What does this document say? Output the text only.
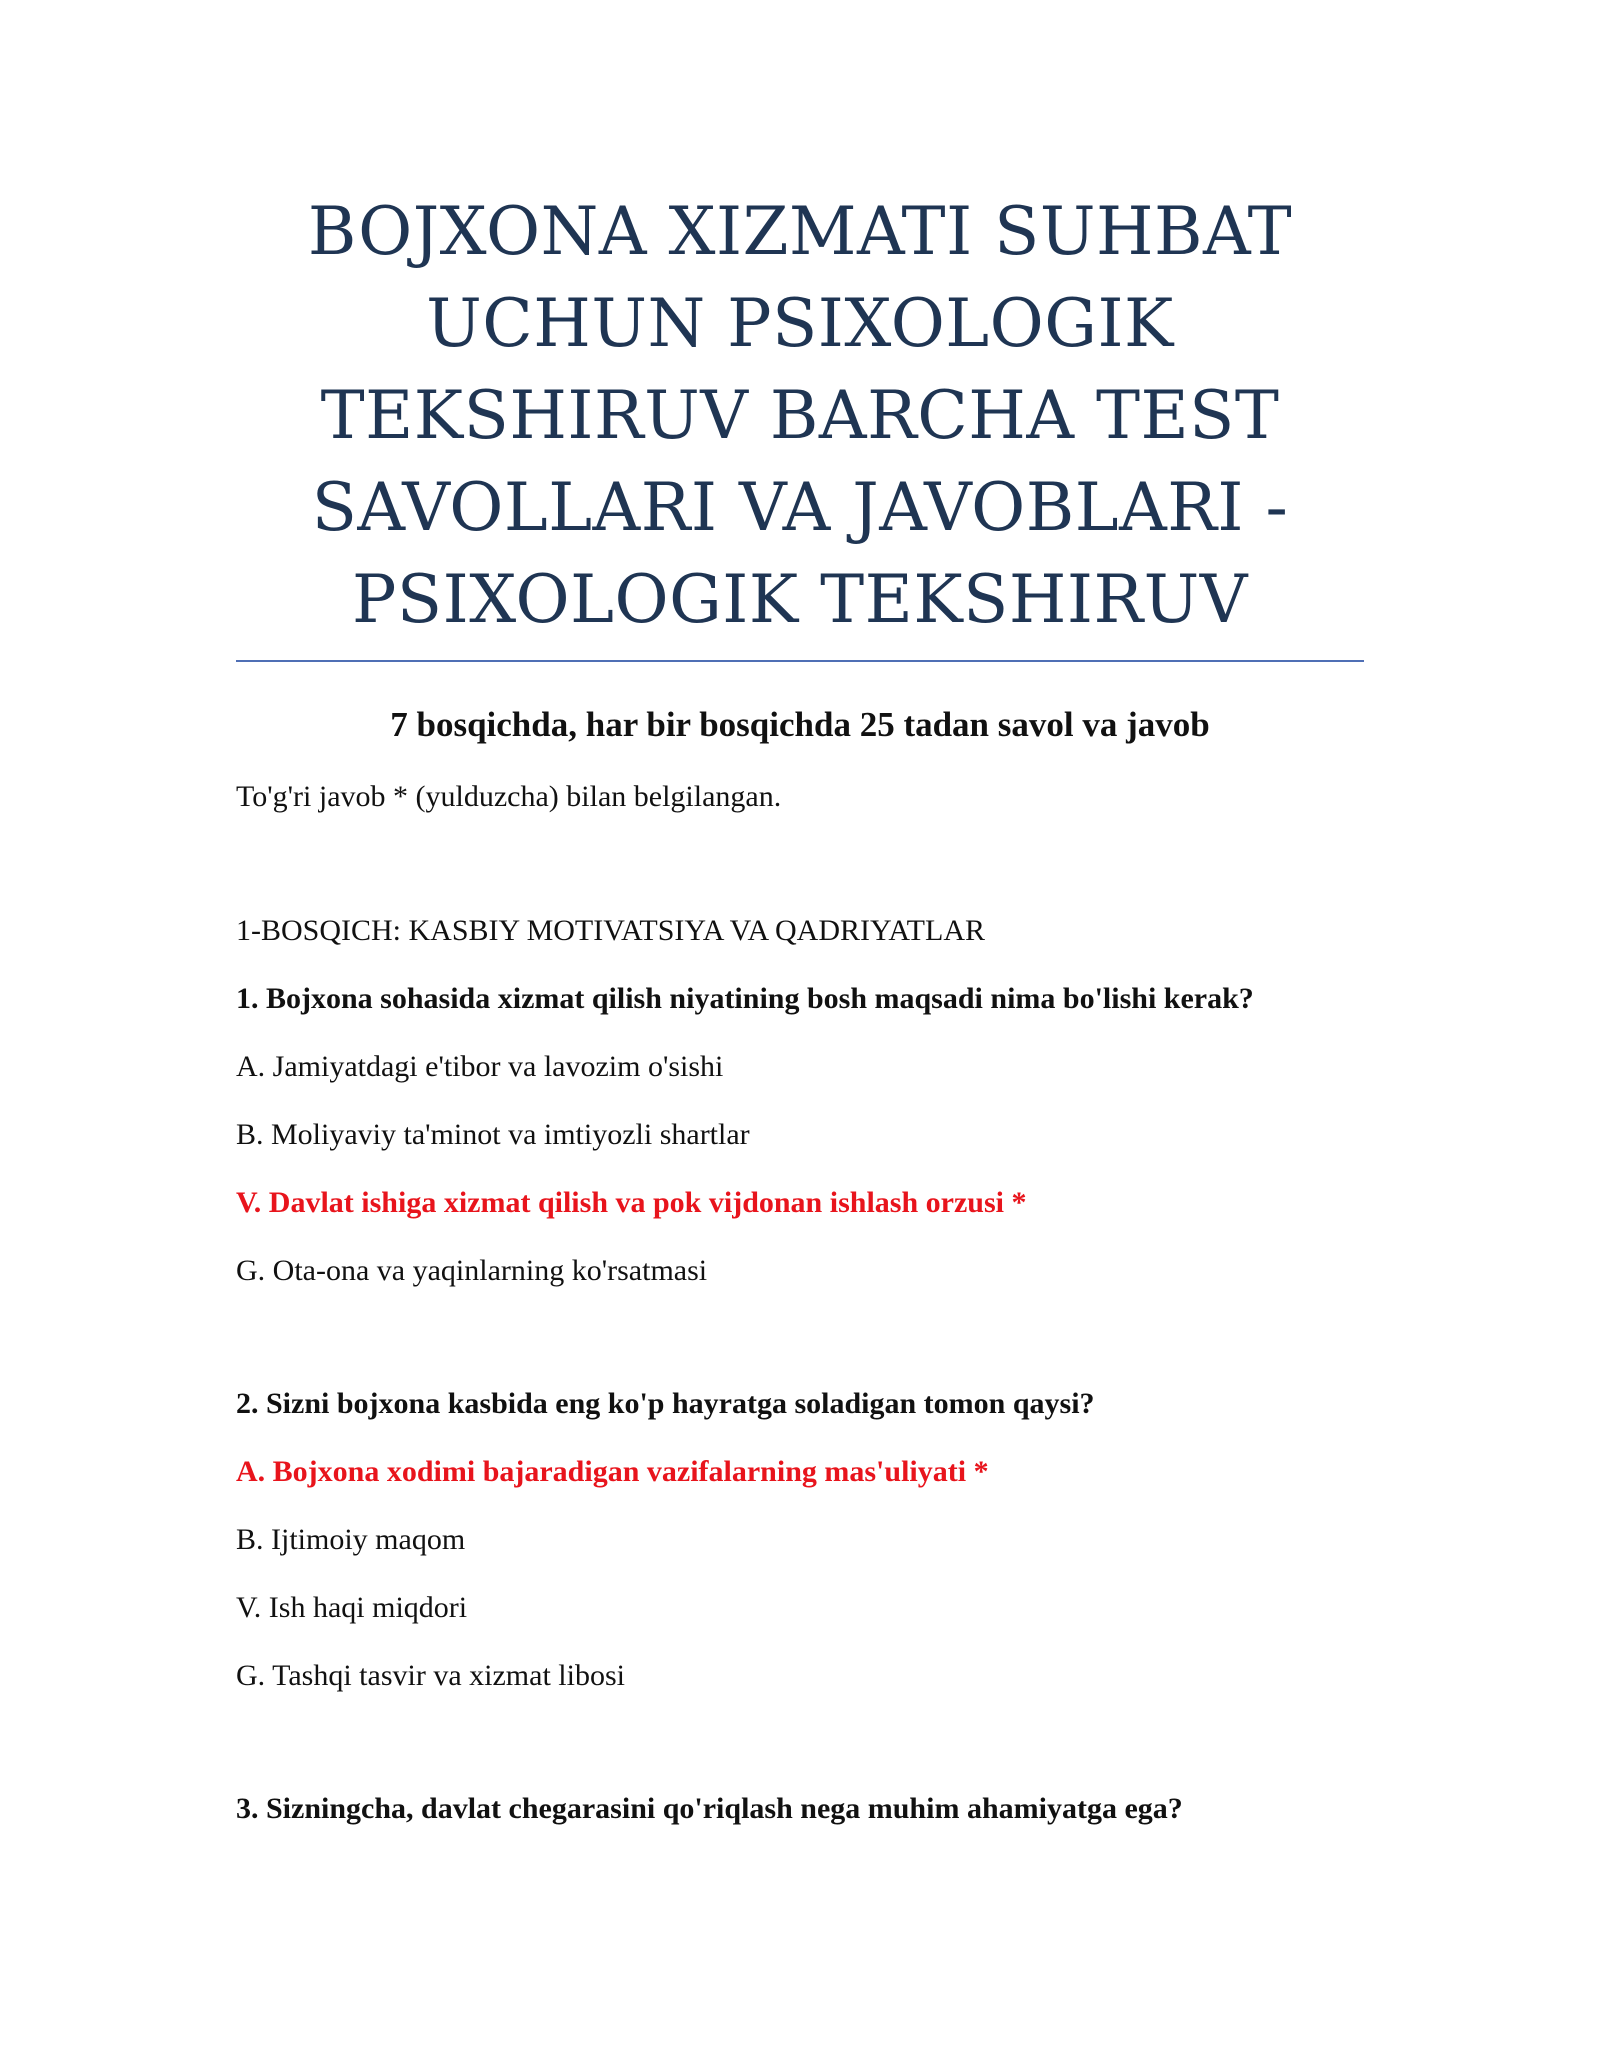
BOJXONA XIZMATI SUHBAT UCHUN PSIXOLOGIK TEKSHIRUV BARCHA TEST SAVOLLARI VA JAVOBLARI - PSIXOLOGIK TEKSHIRUV
7 bosqichda, har bir bosqichda 25 tadan savol va javob

To'g'ri javob * (yulduzcha) bilan belgilangan.

1-BOSQICH: KASBIY MOTIVATSIYA VA QADRIYATLAR

1. Bojxona sohasida xizmat qilish niyatining bosh maqsadi nima bo'lishi kerak?

A. Jamiyatdagi e'tibor va lavozim o'sishi

B. Moliyaviy ta'minot va imtiyozli shartlar

V. Davlat ishiga xizmat qilish va pok vijdonan ishlash orzusi *

G. Ota-ona va yaqinlarning ko'rsatmasi

2. Sizni bojxona kasbida eng ko'p hayratga soladigan tomon qaysi?

A. Bojxona xodimi bajaradigan vazifalarning mas'uliyati *

B. Ijtimoiy maqom

V. Ish haqi miqdori

G. Tashqi tasvir va xizmat libosi

3. Sizningcha, davlat chegarasini qo'riqlash nega muhim ahamiyatga ega?
